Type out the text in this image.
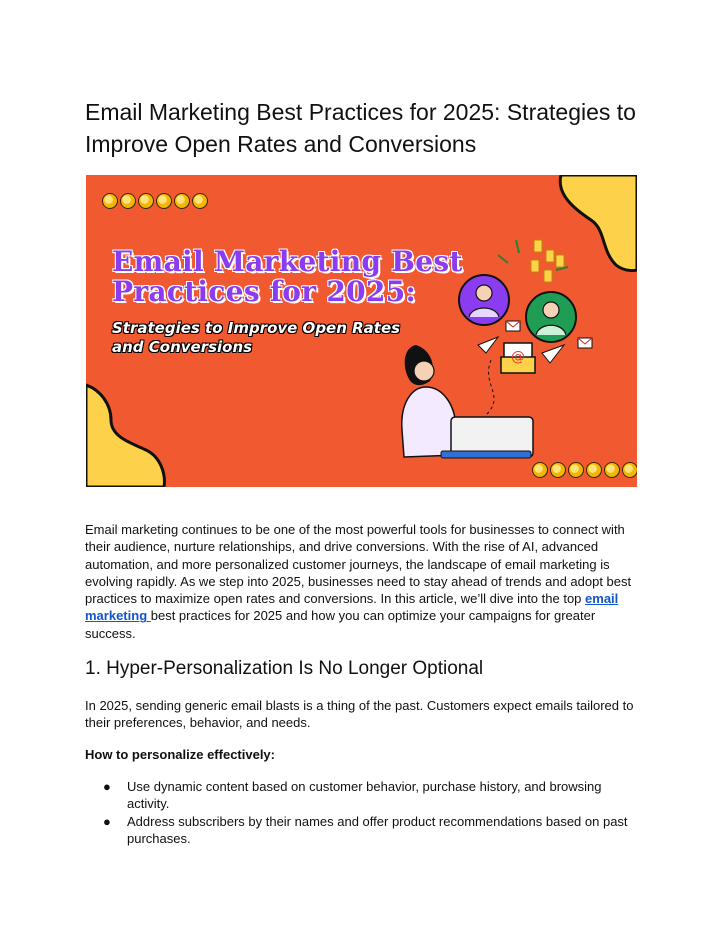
Email Marketing Best Practices for 2025: Strategies to Improve Open Rates and Conversions
@
Email Marketing Best Practices for 2025:
Strategies to Improve Open Rates and Conversions

Email marketing continues to be one of the most powerful tools for businesses to connect with their audience, nurture relationships, and drive conversions. With the rise of AI, advanced automation, and more personalized customer journeys, the landscape of email marketing is evolving rapidly. As we step into 2025, businesses need to stay ahead of trends and adopt best practices to maximize open rates and conversions. In this article, we’ll dive into the top email marketing best practices for 2025 and how you can optimize your campaigns for greater success.

1. Hyper-Personalization Is No Longer Optional

In 2025, sending generic email blasts is a thing of the past. Customers expect emails tailored to their preferences, behavior, and needs.

How to personalize effectively:

● Use dynamic content based on customer behavior, purchase history, and browsing activity.
● Address subscribers by their names and offer product recommendations based on past purchases.
